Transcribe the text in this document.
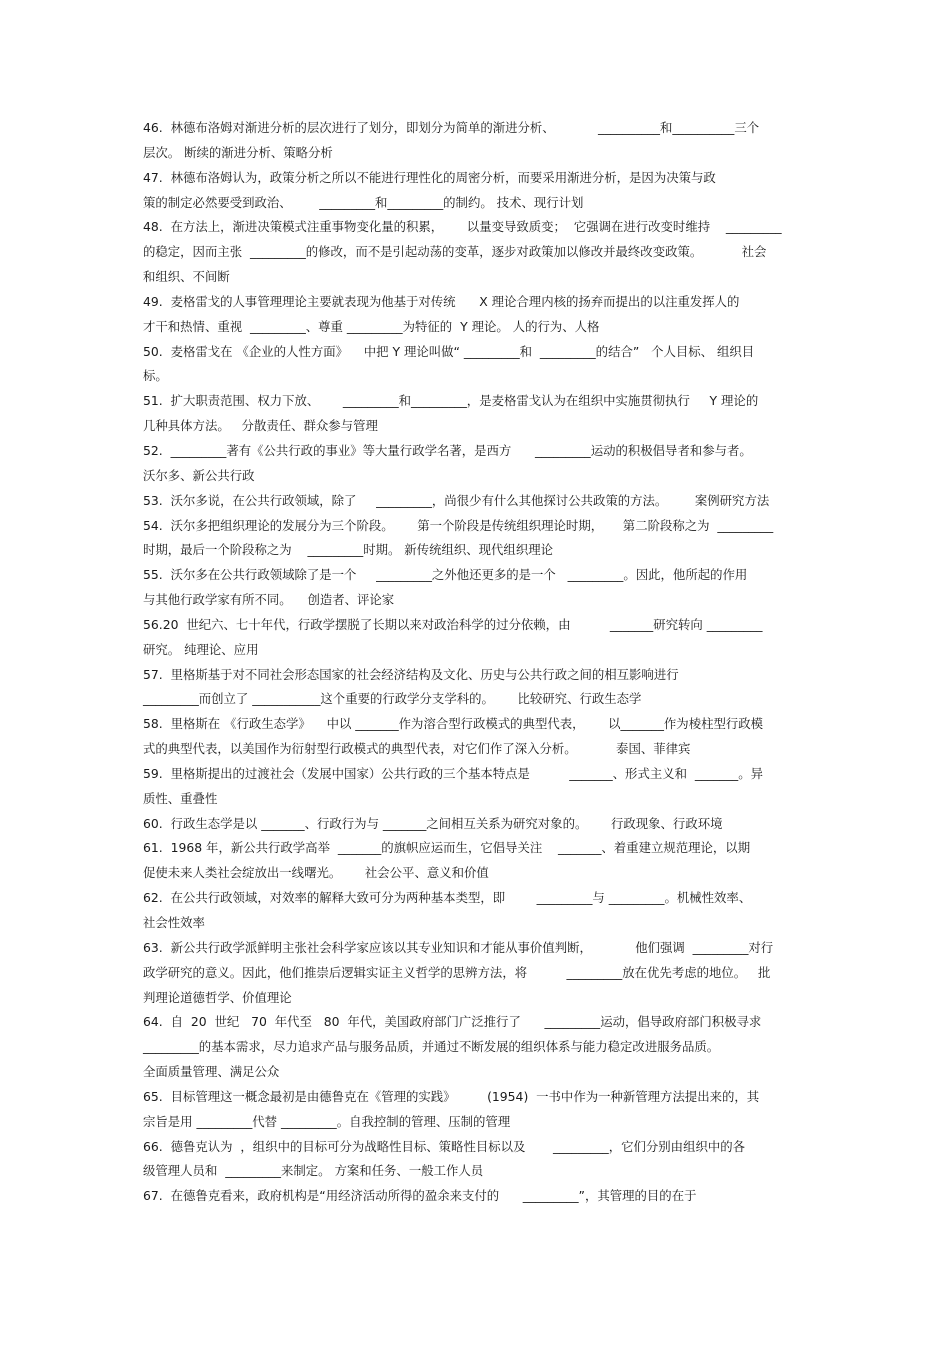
46.  林德布洛姆对渐进分析的层次进行了划分，即划分为简单的渐进分析、           __________和__________三个
层次。 断续的渐进分析、策略分析
47.  林德布洛姆认为，政策分析之所以不能进行理性化的周密分析，而要采用渐进分析，是因为决策与政
策的制定必然要受到政治、       _________和_________的制约。 技术、现行计划
48.  在方法上，渐进决策模式注重事物变化量的积累，      以量变导致质变；  它强调在进行改变时维持    _________
的稳定，因而主张  _________的修改，而不是引起动荡的变革，逐步对政策加以修改并最终改变政策。          社会
和组织、不间断
49.  麦格雷戈的人事管理理论主要就表现为他基于对传统      X 理论合理内核的扬弃而提出的以注重发挥人的
才干和热情、重视  _________、尊重 _________为特征的  Y 理论。 人的行为、人格
50.  麦格雷戈在 《企业的人性方面》    中把 Y 理论叫做“ _________和  _________的结合”   个人目标、 组织目
标。
51.  扩大职责范围、权力下放、      _________和_________，是麦格雷戈认为在组织中实施贯彻执行     Y 理论的
几种具体方法。   分散责任、群众参与管理
52.  _________著有《公共行政的事业》等大量行政学名著，是西方      _________运动的积极倡导者和参与者。
沃尔多、新公共行政
53.  沃尔多说，在公共行政领域，除了     _________，尚很少有什么其他探讨公共政策的方法。       案例研究方法
54.  沃尔多把组织理论的发展分为三个阶段。      第一个阶段是传统组织理论时期，     第二阶段称之为  _________
时期，最后一个阶段称之为    _________时期。 新传统组织、现代组织理论
55.  沃尔多在公共行政领域除了是一个     _________之外他还更多的是一个   _________。因此，他所起的作用
与其他行政学家有所不同。    创造者、评论家
56.20  世纪六、七十年代，行政学摆脱了长期以来对政治科学的过分依赖，由          _______研究转向 _________
研究。 纯理论、应用
57.  里格斯基于对不同社会形态国家的社会经济结构及文化、历史与公共行政之间的相互影响进行
_________而创立了 ___________这个重要的行政学分支学科的。      比较研究、行政生态学
58.  里格斯在 《行政生态学》    中以 _______作为溶合型行政模式的典型代表，      以_______作为棱柱型行政模
式的典型代表，以美国作为衍射型行政模式的典型代表，对它们作了深入分析。          泰国、菲律宾
59.  里格斯提出的过渡社会（发展中国家）公共行政的三个基本特点是          _______、形式主义和  _______。异
质性、重叠性
60.  行政生态学是以 _______、行政行为与 _______之间相互关系为研究对象的。      行政现象、行政环境
61.  1968 年，新公共行政学高举  _______的旗帜应运而生，它倡导关注    _______、着重建立规范理论，以期
促使未来人类社会绽放出一线曙光。      社会公平、意义和价值
62.  在公共行政领域，对效率的解释大致可分为两种基本类型，即        _________与 _________。机械性效率、
社会性效率
63.  新公共行政学派鲜明主张社会科学家应该以其专业知识和才能从事价值判断，           他们强调  _________对行
政学研究的意义。因此，他们推崇后逻辑实证主义哲学的思辨方法，将          _________放在优先考虑的地位。   批
判理论道德哲学、价值理论
64.  自  20  世纪   70  年代至   80  年代，美国政府部门广泛推行了      _________运动，倡导政府部门积极寻求
_________的基本需求，尽力追求产品与服务品质，并通过不断发展的组织体系与能力稳定改进服务品质。
全面质量管理、满足公众
65.  目标管理这一概念最初是由德鲁克在《管理的实践》        (1954)  一书中作为一种新管理方法提出来的，其
宗旨是用 _________代替 _________。自我控制的管理、压制的管理
66.  德鲁克认为  ，组织中的目标可分为战略性目标、策略性目标以及       _________，它们分别由组织中的各
级管理人员和  _________来制定。 方案和任务、一般工作人员
67.  在德鲁克看来，政府机构是“用经济活动所得的盈余来支付的      _________”，其管理的目的在于
